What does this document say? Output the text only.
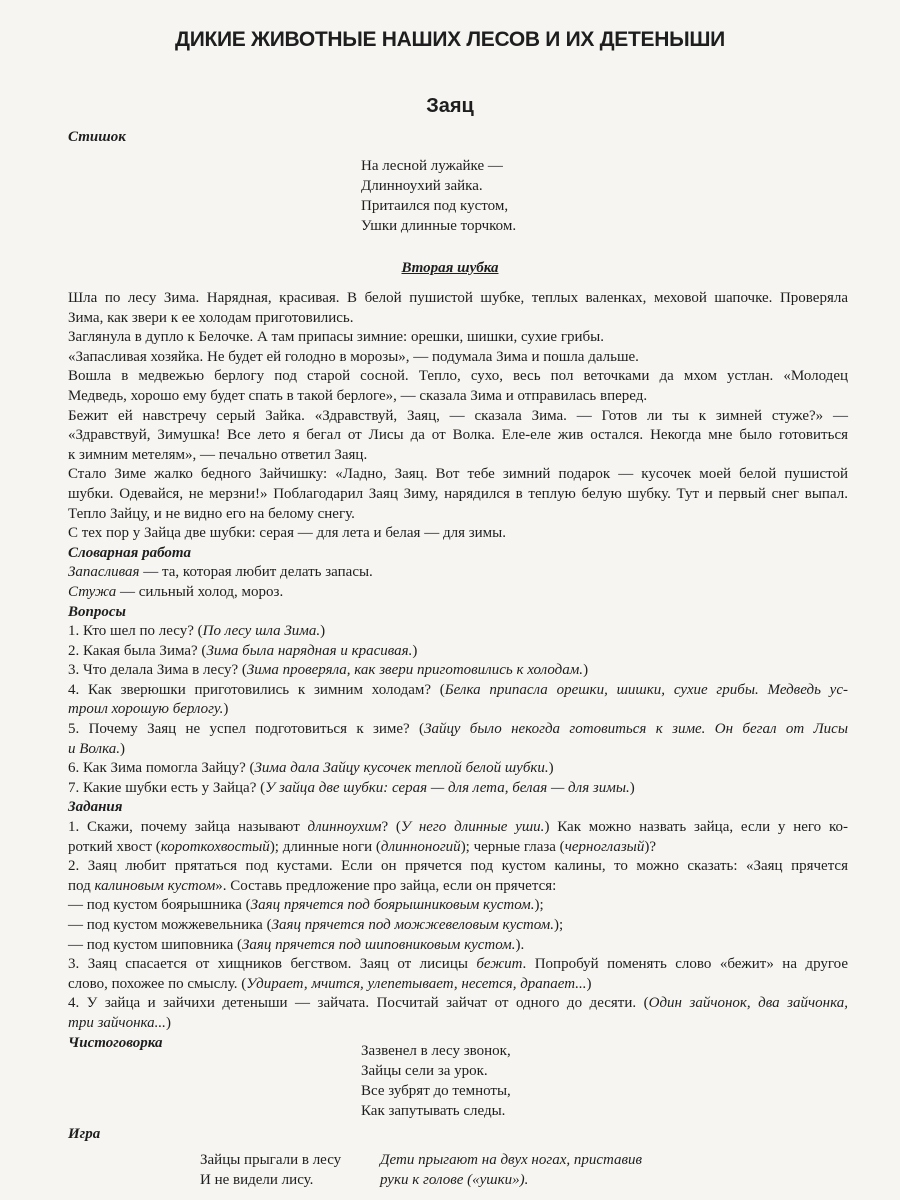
ДИКИЕ ЖИВОТНЫЕ НАШИХ ЛЕСОВ И ИХ ДЕТЕНЫШИ
Заяц
Стишок
На лесной лужайке —
Длинноухий зайка.
Притаился под кустом,
Ушки длинные торчком.
Вторая шубка
Шла по лесу Зима. Нарядная, красивая. В белой пушистой шубке, теплых валенках, меховой шапочке. Проверяла
Зима, как звери к ее холодам приготовились.
Заглянула в дупло к Белочке. А там припасы зимние: орешки, шишки, сухие грибы.
«Запасливая хозяйка. Не будет ей голодно в морозы», — подумала Зима и пошла дальше.
Вошла в медвежью берлогу под старой сосной. Тепло, сухо, весь пол веточками да мхом устлан. «Молодец
Медведь, хорошо ему будет спать в такой берлоге», — сказала Зима и отправилась вперед.
Бежит ей навстречу серый Зайка. «Здравствуй, Заяц, — сказала Зима. — Готов ли ты к зимней стуже?» —
«Здравствуй, Зимушка! Все лето я бегал от Лисы да от Волка. Еле-еле жив остался. Некогда мне было готовиться
к зимним метелям», — печально ответил Заяц.
Стало Зиме жалко бедного Зайчишку: «Ладно, Заяц. Вот тебе зимний подарок — кусочек моей белой пушистой
шубки. Одевайся, не мерзни!» Поблагодарил Заяц Зиму, нарядился в теплую белую шубку. Тут и первый снег выпал.
Тепло Зайцу, и не видно его на белому снегу.
С тех пор у Зайца две шубки: серая — для лета и белая — для зимы.
Словарная работа
Запасливая — та, которая любит делать запасы.
Стужа — сильный холод, мороз.
Вопросы
1. Кто шел по лесу? (По лесу шла Зима.)
2. Какая была Зима? (Зима была нарядная и красивая.)
3. Что делала Зима в лесу? (Зима проверяла, как звери приготовились к холодам.)
4. Как зверюшки приготовились к зимним холодам? (Белка припасла орешки, шишки, сухие грибы. Медведь ус-
троил хорошую берлогу.)
5. Почему Заяц не успел подготовиться к зиме? (Зайцу было некогда готовиться к зиме. Он бегал от Лисы
и Волка.)
6. Как Зима помогла Зайцу? (Зима дала Зайцу кусочек теплой белой шубки.)
7. Какие шубки есть у Зайца? (У зайца две шубки: серая — для лета, белая — для зимы.)
Задания
1. Скажи, почему зайца называют длинноухим? (У него длинные уши.) Как можно назвать зайца, если у него ко-
роткий хвост (короткохвостый); длинные ноги (длинноногий); черные глаза (черноглазый)?
2. Заяц любит прятаться под кустами. Если он прячется под кустом калины, то можно сказать: «Заяц прячется
под калиновым кустом». Составь предложение про зайца, если он прячется:
— под кустом боярышника (Заяц прячется под боярышниковым кустом.);
— под кустом можжевельника (Заяц прячется под можжевеловым кустом.);
— под кустом шиповника (Заяц прячется под шиповниковым кустом.).
3. Заяц спасается от хищников бегством. Заяц от лисицы бежит. Попробуй поменять слово «бежит» на другое
слово, похожее по смыслу. (Удирает, мчится, улепетывает, несется, драпает...)
4. У зайца и зайчихи детеныши — зайчата. Посчитай зайчат от одного до десяти. (Один зайчонок, два зайчонка,
три зайчонка...)
Чистоговорка
Зазвенел в лесу звонок,
Зайцы сели за урок.
Все зубрят до темноты,
Как запутывать следы.
Игра
Зайцы прыгали в лесу
И не видели лису.
Дети прыгают на двух ногах, приставив
руки к голове («ушки»).
